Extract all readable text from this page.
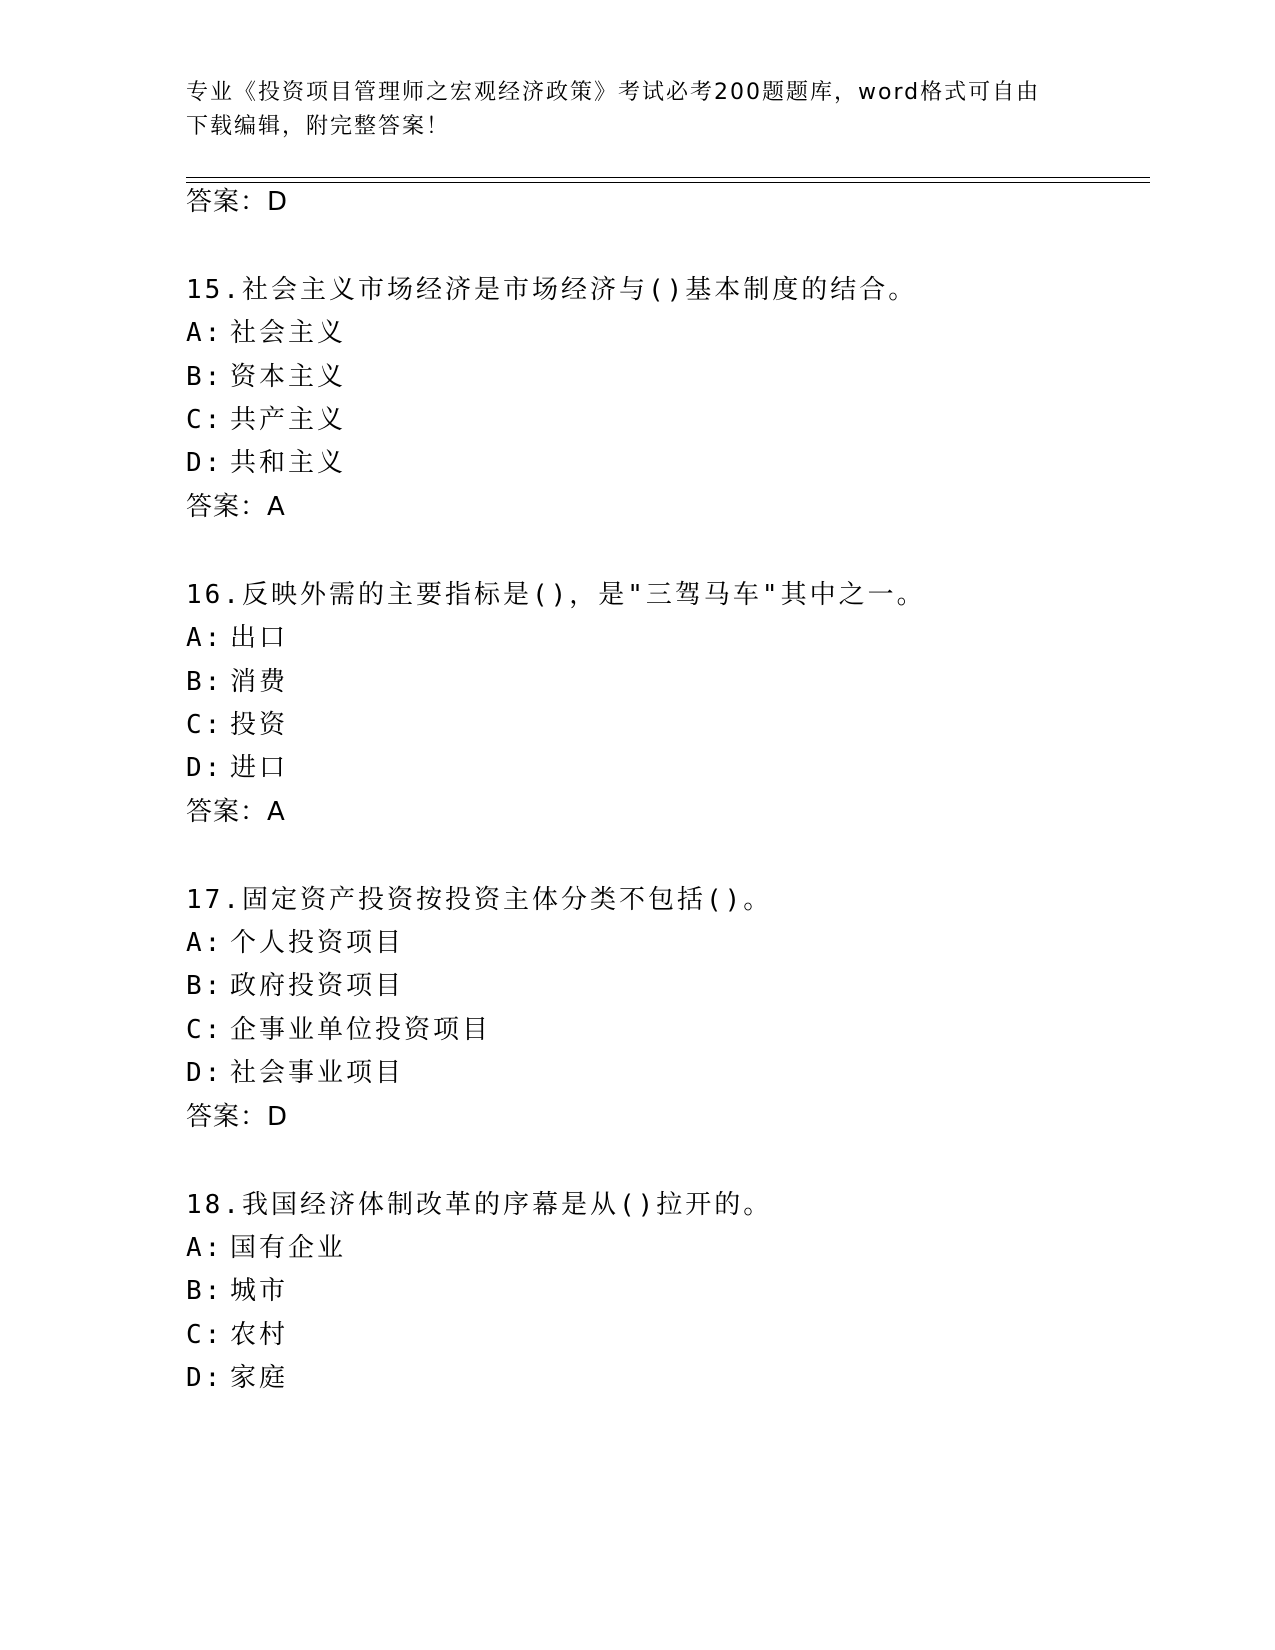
专业《投资项目管理师之宏观经济政策》考试必考200题题库，word格式可自由
下载编辑，附完整答案！
答案：D
15.社会主义市场经济是市场经济与()基本制度的结合。
A: 社会主义
B: 资本主义
C: 共产主义
D: 共和主义
答案：A
16.反映外需的主要指标是()，是"三驾马车"其中之一。
A: 出口
B: 消费
C: 投资
D: 进口
答案：A
17.固定资产投资按投资主体分类不包括()。
A: 个人投资项目
B: 政府投资项目
C: 企事业单位投资项目
D: 社会事业项目
答案：D
18.我国经济体制改革的序幕是从()拉开的。
A: 国有企业
B: 城市
C: 农村
D: 家庭
